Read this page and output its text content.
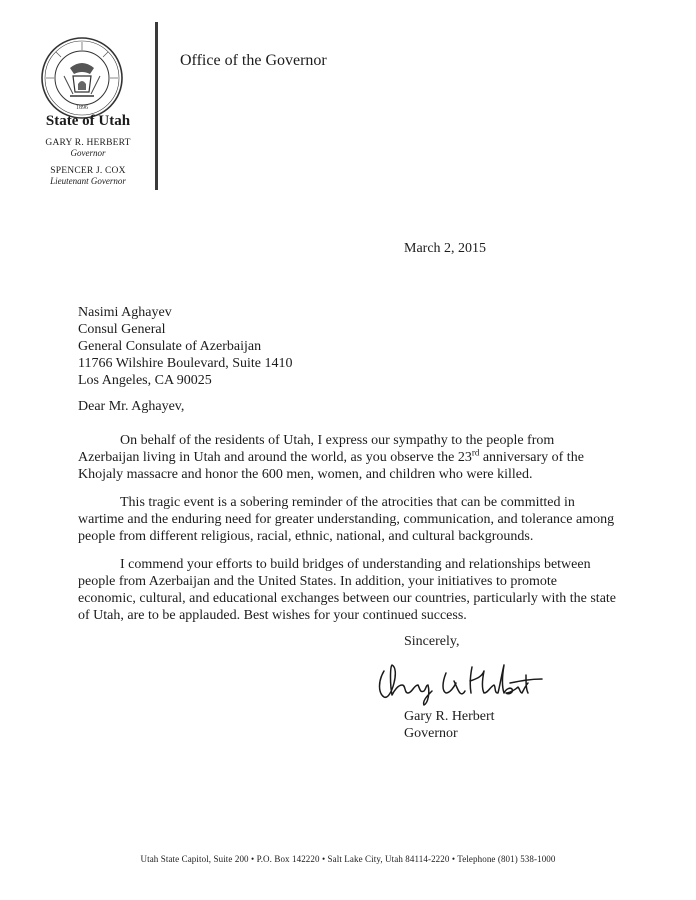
1896
State of Utah
GARY R. HERBERT
Governor
SPENCER J. COX
Lieutenant Governor
Office of the Governor
March 2, 2015
Nasimi Aghayev
Consul General
General Consulate of Azerbaijan
11766 Wilshire Boulevard, Suite 1410
Los Angeles, CA 90025
Dear Mr. Aghayev,
On behalf of the residents of Utah, I express our sympathy to the people from Azerbaijan living in Utah and around the world, as you observe the 23rd anniversary of the Khojaly massacre and honor the 600 men, women, and children who were killed.
This tragic event is a sobering reminder of the atrocities that can be committed in wartime and the enduring need for greater understanding, communication, and tolerance among people from different religious, racial, ethnic, national, and cultural backgrounds.
I commend your efforts to build bridges of understanding and relationships between people from Azerbaijan and the United States. In addition, your initiatives to promote economic, cultural, and educational exchanges between our countries, particularly with the state of Utah, are to be applauded. Best wishes for your continued success.
Sincerely,
Gary R. Herbert
Governor
Utah State Capitol, Suite 200 • P.O. Box 142220 • Salt Lake City, Utah 84114-2220 • Telephone (801) 538-1000
